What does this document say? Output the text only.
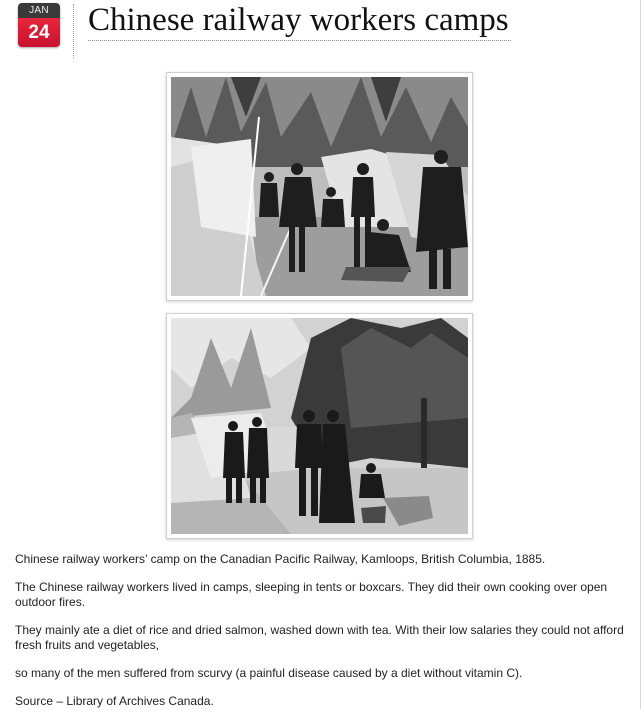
JAN
24	Chinese railway workers camps

Chinese railway workers’ camp on the Canadian Pacific Railway, Kamloops, British Columbia, 1885.

The Chinese railway workers lived in camps, sleeping in tents or boxcars. They did their own cooking over open outdoor fires.

They mainly ate a diet of rice and dried salmon, washed down with tea. With their low salaries they could not afford fresh fruits and vegetables,

so many of the men suffered from scurvy (a painful disease caused by a diet without vitamin C).

Source – Library of Archives Canada.
